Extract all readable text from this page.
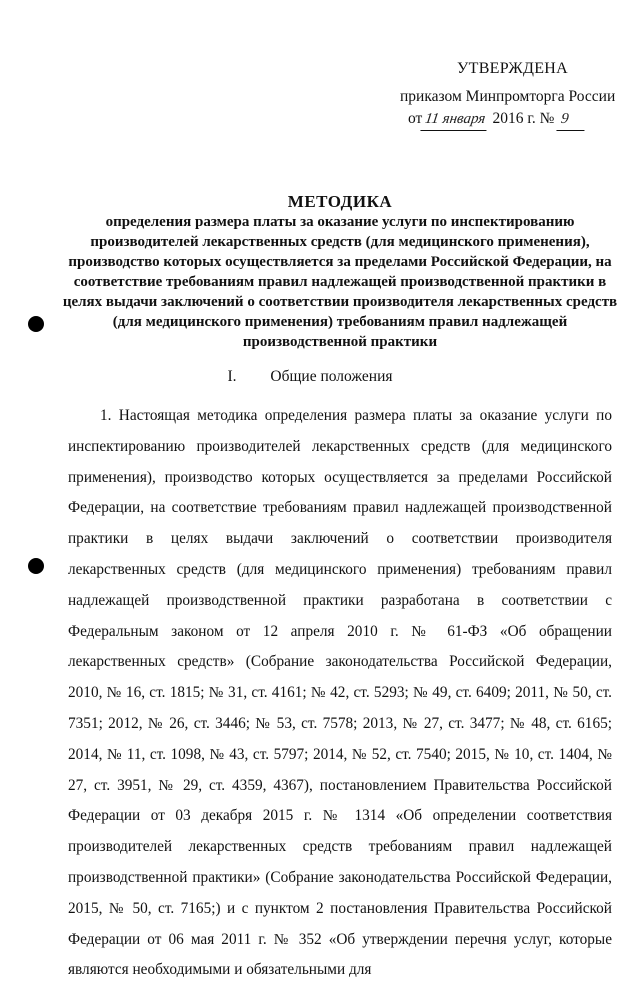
УТВЕРЖДЕНА
приказом Минпромторга России
от 11 января 2016 г. № 9
МЕТОДИКА
определения размера платы за оказание услуги по инспектированию производителей лекарственных средств (для медицинского применения), производство которых осуществляется за пределами Российской Федерации, на соответствие требованиям правил надлежащей производственной практики в целях выдачи заключений о соответствии производителя лекарственных средств (для медицинского применения) требованиям правил надлежащей производственной практики
I. Общие положения

1. Настоящая методика определения размера платы за оказание услуги по инспектированию производителей лекарственных средств (для медицинского применения), производство которых осуществляется за пределами Российской Федерации, на соответствие требованиям правил надлежащей производственной практики в целях выдачи заключений о соответствии производителя лекарственных средств (для медицинского применения) требованиям правил надлежащей производственной практики разработана в соответствии с Федеральным законом от 12 апреля 2010 г. № 61-ФЗ «Об обращении лекарственных средств» (Собрание законодательства Российской Федерации, 2010, № 16, ст. 1815; № 31, ст. 4161; № 42, ст. 5293; № 49, ст. 6409; 2011, № 50, ст. 7351; 2012, № 26, ст. 3446; № 53, ст. 7578; 2013, № 27, ст. 3477; № 48, ст. 6165; 2014, № 11, ст. 1098, № 43, ст. 5797; 2014, № 52, ст. 7540; 2015, № 10, ст. 1404, № 27, ст. 3951, № 29, ст. 4359, 4367), постановлением Правительства Российской Федерации от 03 декабря 2015 г. № 1314 «Об определении соответствия производителей лекарственных средств требованиям правил надлежащей производственной практики» (Собрание законодательства Российской Федерации, 2015, № 50, ст. 7165;) и с пунктом 2 постановления Правительства Российской Федерации от 06 мая 2011 г. № 352 «Об утверждении перечня услуг, которые являются необходимыми и обязательными для
